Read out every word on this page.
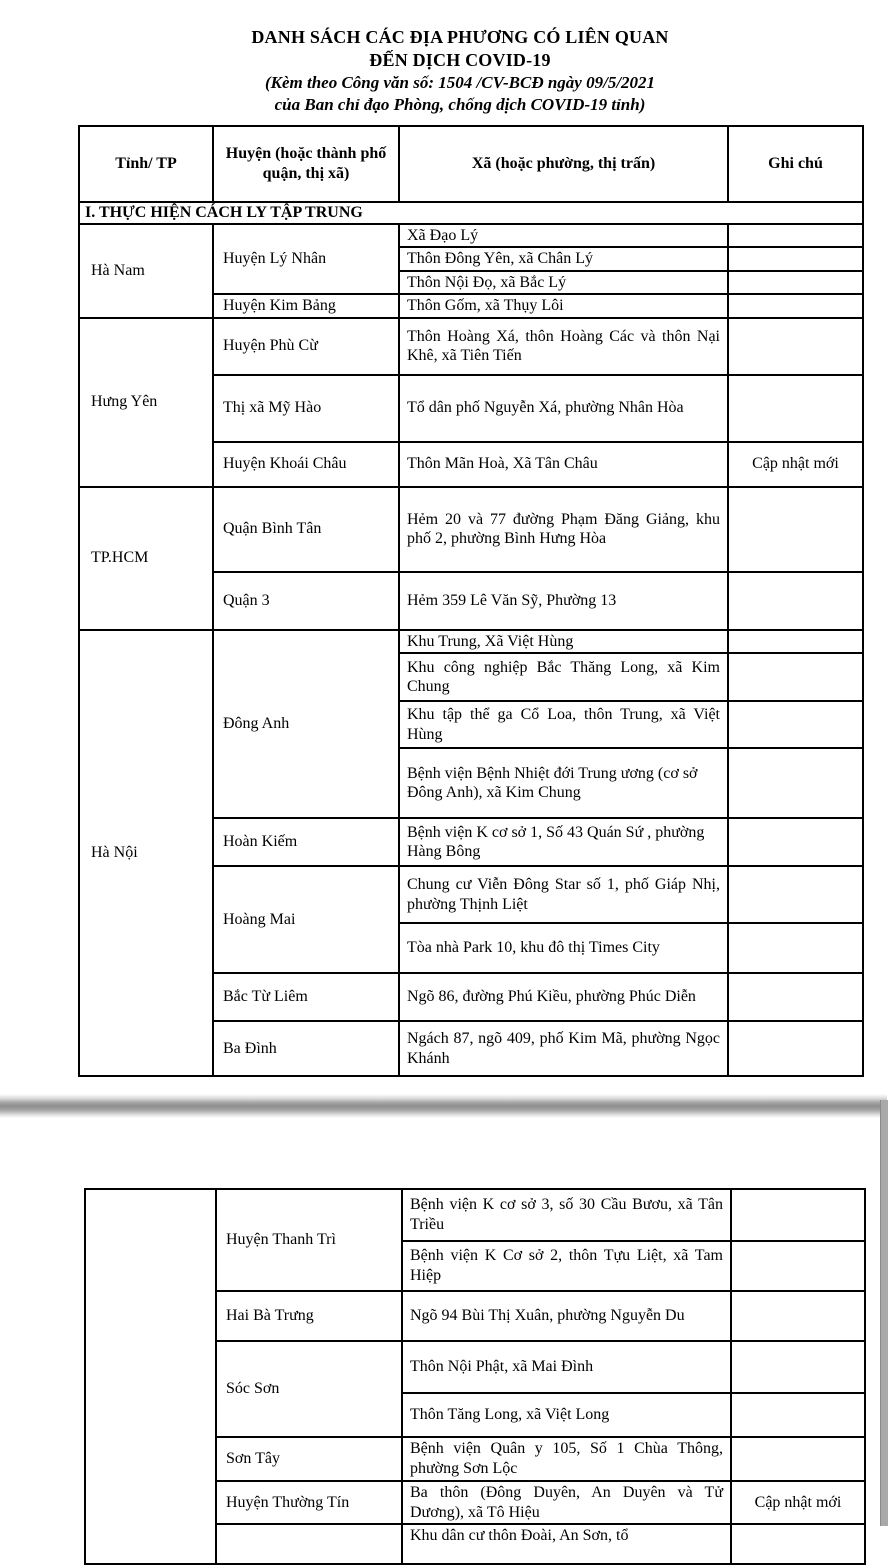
DANH SÁCH CÁC ĐỊA PHƯƠNG CÓ LIÊN QUAN
ĐẾN DỊCH COVID-19
(Kèm theo Công văn số: 1504 /CV-BCĐ ngày 09/5/2021
của Ban chỉ đạo Phòng, chống dịch COVID-19 tỉnh)
Tỉnh/ TP	Huyện (hoặc thành phố quận, thị xã)	Xã (hoặc phường, thị trấn)	Ghi chú
I. THỰC HIỆN CÁCH LY TẬP TRUNG			
Hà Nam	Huyện Lý Nhân	Xã Đạo Lý	
		Thôn Đông Yên, xã Chân Lý	
		Thôn Nội Đọ, xã Bắc Lý	
	Huyện Kim Bảng	Thôn Gốm, xã Thụy Lôi	
Hưng Yên	Huyện Phù Cừ	Thôn Hoàng Xá, thôn Hoàng Các và thôn Nại Khê, xã Tiên Tiến	
	Thị xã Mỹ Hào	Tổ dân phố Nguyễn Xá, phường Nhân Hòa	
	Huyện Khoái Châu	Thôn Mãn Hoà, Xã Tân Châu	Cập nhật mới
TP.HCM	Quận Bình Tân	Hẻm 20 và 77 đường Phạm Đăng Giảng, khu phố 2, phường Bình Hưng Hòa	
	Quận 3	Hẻm 359 Lê Văn Sỹ, Phường 13	
Hà Nội	Đông Anh	Khu Trung, Xã Việt Hùng	
		Khu công nghiệp Bắc Thăng Long, xã Kim Chung	
		Khu tập thể ga Cổ Loa, thôn Trung, xã Việt Hùng	
		Bệnh viện Bệnh Nhiệt đới Trung ương (cơ sở Đông Anh), xã Kim Chung	
	Hoàn Kiếm	Bệnh viện K cơ sở 1, Số 43 Quán Sứ , phường Hàng Bông	
	Hoàng Mai	Chung cư Viễn Đông Star số 1, phố Giáp Nhị, phường Thịnh Liệt	
		Tòa nhà Park 10, khu đô thị Times City	
	Bắc Từ Liêm	Ngõ 86, đường Phú Kiều, phường Phúc Diễn	
	Ba Đình	Ngách 87, ngõ 409, phố Kim Mã, phường Ngọc Khánh	
	Huyện Thanh Trì	Bệnh viện K cơ sở 3, số 30 Cầu Bươu, xã Tân Triều	
		Bệnh viện K Cơ sở 2, thôn Tựu Liệt, xã Tam Hiệp	
	Hai Bà Trưng	Ngõ 94 Bùi Thị Xuân, phường Nguyễn Du	
	Sóc Sơn	Thôn Nội Phật, xã Mai Đình	
		Thôn Tăng Long, xã Việt Long	
	Sơn Tây	Bệnh viện Quân y 105, Số 1 Chùa Thông, phường Sơn Lộc	
	Huyện Thường Tín	Ba thôn (Đông Duyên, An Duyên và Tử Dương), xã Tô Hiệu	Cập nhật mới
		Khu dân cư thôn Đoài, An Sơn, tổ	
